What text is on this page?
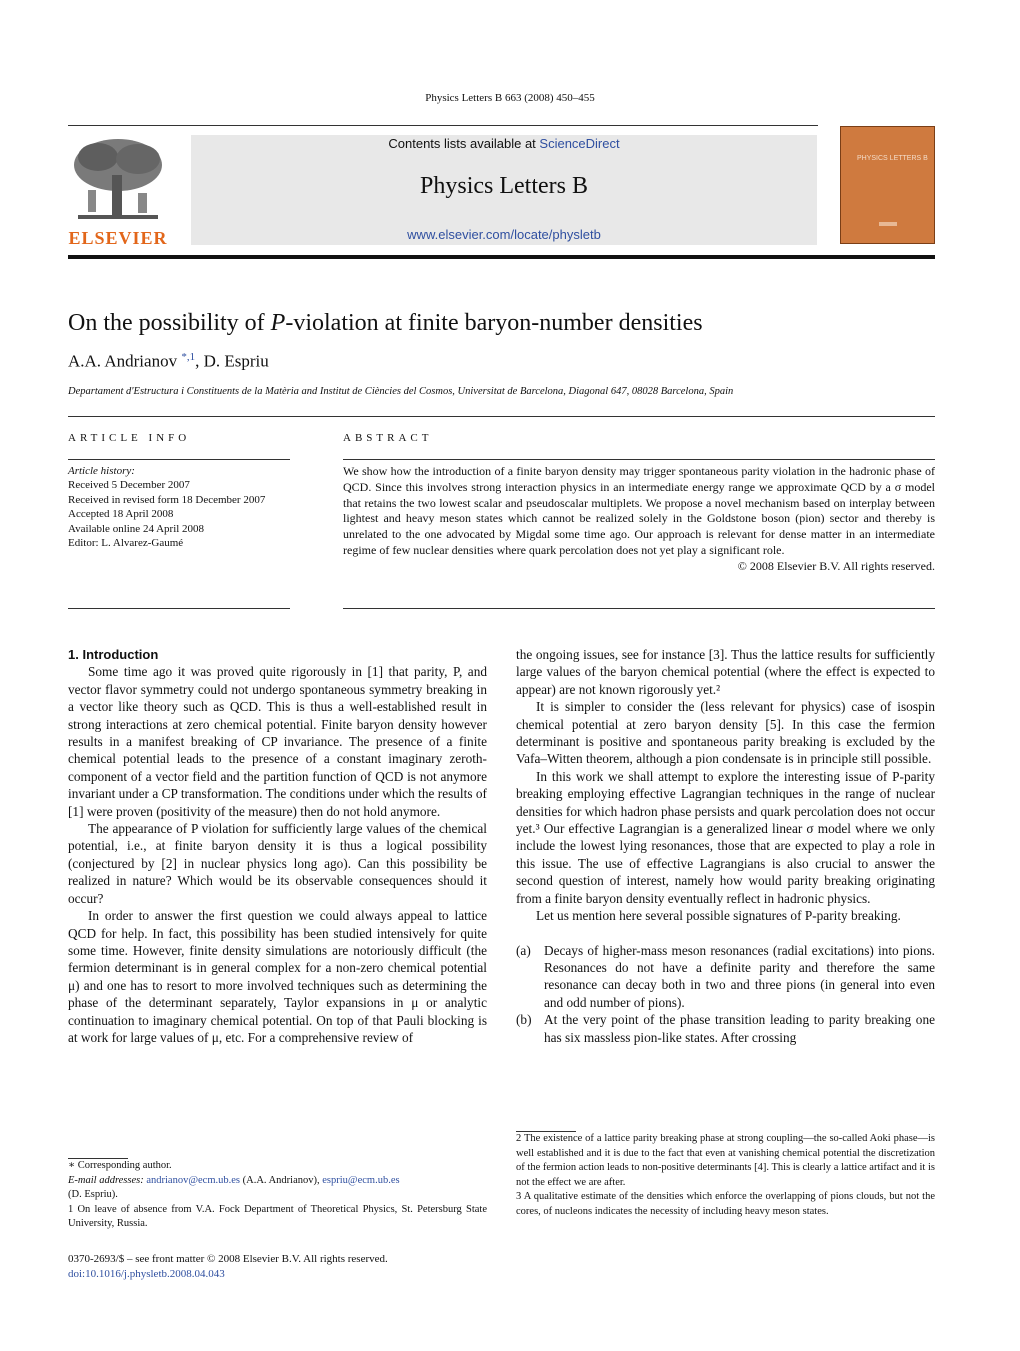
Physics Letters B 663 (2008) 450–455
ELSEVIER
Contents lists available at ScienceDirect
Physics Letters B
www.elsevier.com/locate/physletb
PHYSICS LETTERS B
On the possibility of P-violation at finite baryon-number densities
A.A. Andrianov $^{*,1}$, D. Espriu
Departament d'Estructura i Constituents de la Matèria and Institut de Ciències del Cosmos, Universitat de Barcelona, Diagonal 647, 08028 Barcelona, Spain
ARTICLE INFO	ABSTRACT
Article history:
Received 5 December 2007
Received in revised form 18 December 2007
Accepted 18 April 2008
Available online 24 April 2008
Editor: L. Alvarez-Gaumé
We show how the introduction of a finite baryon density may trigger spontaneous parity violation in the hadronic phase of QCD. Since this involves strong interaction physics in an intermediate energy range we approximate QCD by a σ model that retains the two lowest scalar and pseudoscalar multiplets. We propose a novel mechanism based on interplay between lightest and heavy meson states which cannot be realized solely in the Goldstone boson (pion) sector and thereby is unrelated to the one advocated by Migdal some time ago. Our approach is relevant for dense matter in an intermediate regime of few nuclear densities where quark percolation does not yet play a significant role.
© 2008 Elsevier B.V. All rights reserved.

1. Introduction

Some time ago it was proved quite rigorously in [1] that parity, P, and vector flavor symmetry could not undergo spontaneous symmetry breaking in a vector like theory such as QCD. This is thus a well-established result in strong interactions at zero chemical potential. Finite baryon density however results in a manifest breaking of CP invariance. The presence of a finite chemical potential leads to the presence of a constant imaginary zeroth-component of a vector field and the partition function of QCD is not anymore invariant under a CP transformation. The conditions under which the results of [1] were proven (positivity of the measure) then do not hold anymore.

The appearance of P violation for sufficiently large values of the chemical potential, i.e., at finite baryon density it is thus a logical possibility (conjectured by [2] in nuclear physics long ago). Can this possibility be realized in nature? Which would be its observable consequences should it occur?

In order to answer the first question we could always appeal to lattice QCD for help. In fact, this possibility has been studied intensively for quite some time. However, finite density simulations are notoriously difficult (the fermion determinant is in general complex for a non-zero chemical potential μ) and one has to resort to more involved techniques such as determining the phase of the determinant separately, Taylor expansions in μ or analytic continuation to imaginary chemical potential. On top of that Pauli blocking is at work for large values of μ, etc. For a comprehensive review of

the ongoing issues, see for instance [3]. Thus the lattice results for sufficiently large values of the baryon chemical potential (where the effect is expected to appear) are not known rigorously yet.²

It is simpler to consider the (less relevant for physics) case of isospin chemical potential at zero baryon density [5]. In this case the fermion determinant is positive and spontaneous parity breaking is excluded by the Vafa–Witten theorem, although a pion condensate is in principle still possible.

In this work we shall attempt to explore the interesting issue of P-parity breaking employing effective Lagrangian techniques in the range of nuclear densities for which hadron phase persists and quark percolation does not occur yet.³ Our effective Lagrangian is a generalized linear σ model where we only include the lowest lying resonances, those that are expected to play a role in this issue. The use of effective Lagrangians is also crucial to answer the second question of interest, namely how would parity breaking originating from a finite baryon density eventually reflect in hadronic physics.

Let us mention here several possible signatures of P-parity breaking.

(a) Decays of higher-mass meson resonances (radial excitations) into pions. Resonances do not have a definite parity and therefore the same resonance can decay both in two and three pions (in general into even and odd number of pions).
(b) At the very point of the phase transition leading to parity breaking one has six massless pion-like states. After crossing
∗ Corresponding author.
E-mail addresses: andrianov@ecm.ub.es (A.A. Andrianov), espriu@ecm.ub.es
(D. Espriu).
1 On leave of absence from V.A. Fock Department of Theoretical Physics, St. Petersburg State University, Russia.
2 The existence of a lattice parity breaking phase at strong coupling—the so-called Aoki phase—is well established and it is due to the fact that even at vanishing chemical potential the discretization of the fermion action leads to non-positive determinants [4]. This is clearly a lattice artifact and it is not the effect we are after.
3 A qualitative estimate of the densities which enforce the overlapping of pions clouds, but not the cores, of nucleons indicates the necessity of including heavy meson states.
0370-2693/$ – see front matter © 2008 Elsevier B.V. All rights reserved.
doi:10.1016/j.physletb.2008.04.043
